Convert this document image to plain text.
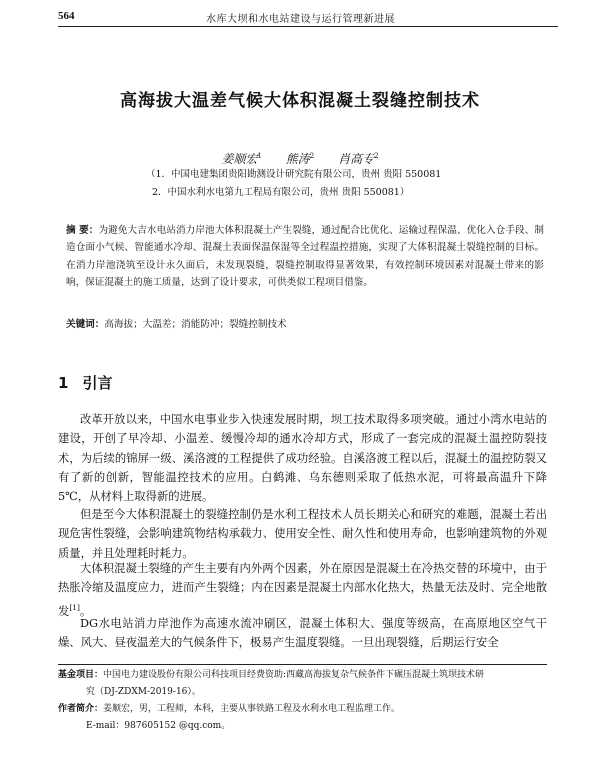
564	水库大坝和水电站建设与运行管理新进展
高海拔大温差气候大体积混凝土裂缝控制技术
姜顺宏$^1$ 熊涛$^2$ 肖高专$^2$
（1．中国电建集团贵阳勘测设计研究院有限公司，贵州 贵阳 550081
2．中国水利水电第九工程局有限公司，贵州 贵阳 550081）
摘 要：为避免大吉水电站消力岸池大体积混凝土产生裂缝，通过配合比优化、运输过程保温、优化入仓手段、制造仓面小气候、智能通水冷却、混凝土表面保温保湿等全过程温控措施，实现了大体积混凝土裂缝控制的目标。在消力岸池浇筑至设计永久面后，未发现裂缝，裂缝控制取得显著效果，有效控制环境因素对混凝土带来的影响，保证混凝土的施工质量，达到了设计要求，可供类似工程项目借鉴。
关键词：高海拔；大温差；消能防冲；裂缝控制技术
1 引言

改革开放以来，中国水电事业步入快速发展时期，坝工技术取得多项突破。通过小湾水电站的建设，开创了早冷却、小温差、缓慢冷却的通水冷却方式，形成了一套完成的混凝土温控防裂技术，为后续的锦屏一级、溪洛渡的工程提供了成功经验。自溪洛渡工程以后，混凝土的温控防裂又有了新的创新，智能温控技术的应用。白鹤滩、乌东德则采取了低热水泥，可将最高温升下降5℃，从材料上取得新的进展。

但是至今大体积混凝土的裂缝控制仍是水利工程技术人员长期关心和研究的难题，混凝土若出现危害性裂缝，会影响建筑物结构承载力、使用安全性、耐久性和使用寿命，也影响建筑物的外观质量，并且处理耗时耗力。

大体积混凝土裂缝的产生主要有内外两个因素，外在原因是混凝土在冷热交替的环境中，由于热胀冷缩及温度应力，进而产生裂缝；内在因素是混凝土内部水化热大，热量无法及时、完全地散发[1]。

DG水电站消力岸池作为高速水流冲刷区，混凝土体积大、强度等级高，在高原地区空气干燥、风大、昼夜温差大的气候条件下，极易产生温度裂缝。一旦出现裂缝，后期运行安全

基金项目：中国电力建设股份有限公司科技项目经费资助:西藏高海拔复杂气候条件下碾压混凝土筑坝技术研

究（DJ-ZDXM-2019-16）。

作者简介：姜顺宏，男，工程师，本科，主要从事铁路工程及水利水电工程监理工作。

E-mail：987605152 @qq.com。
